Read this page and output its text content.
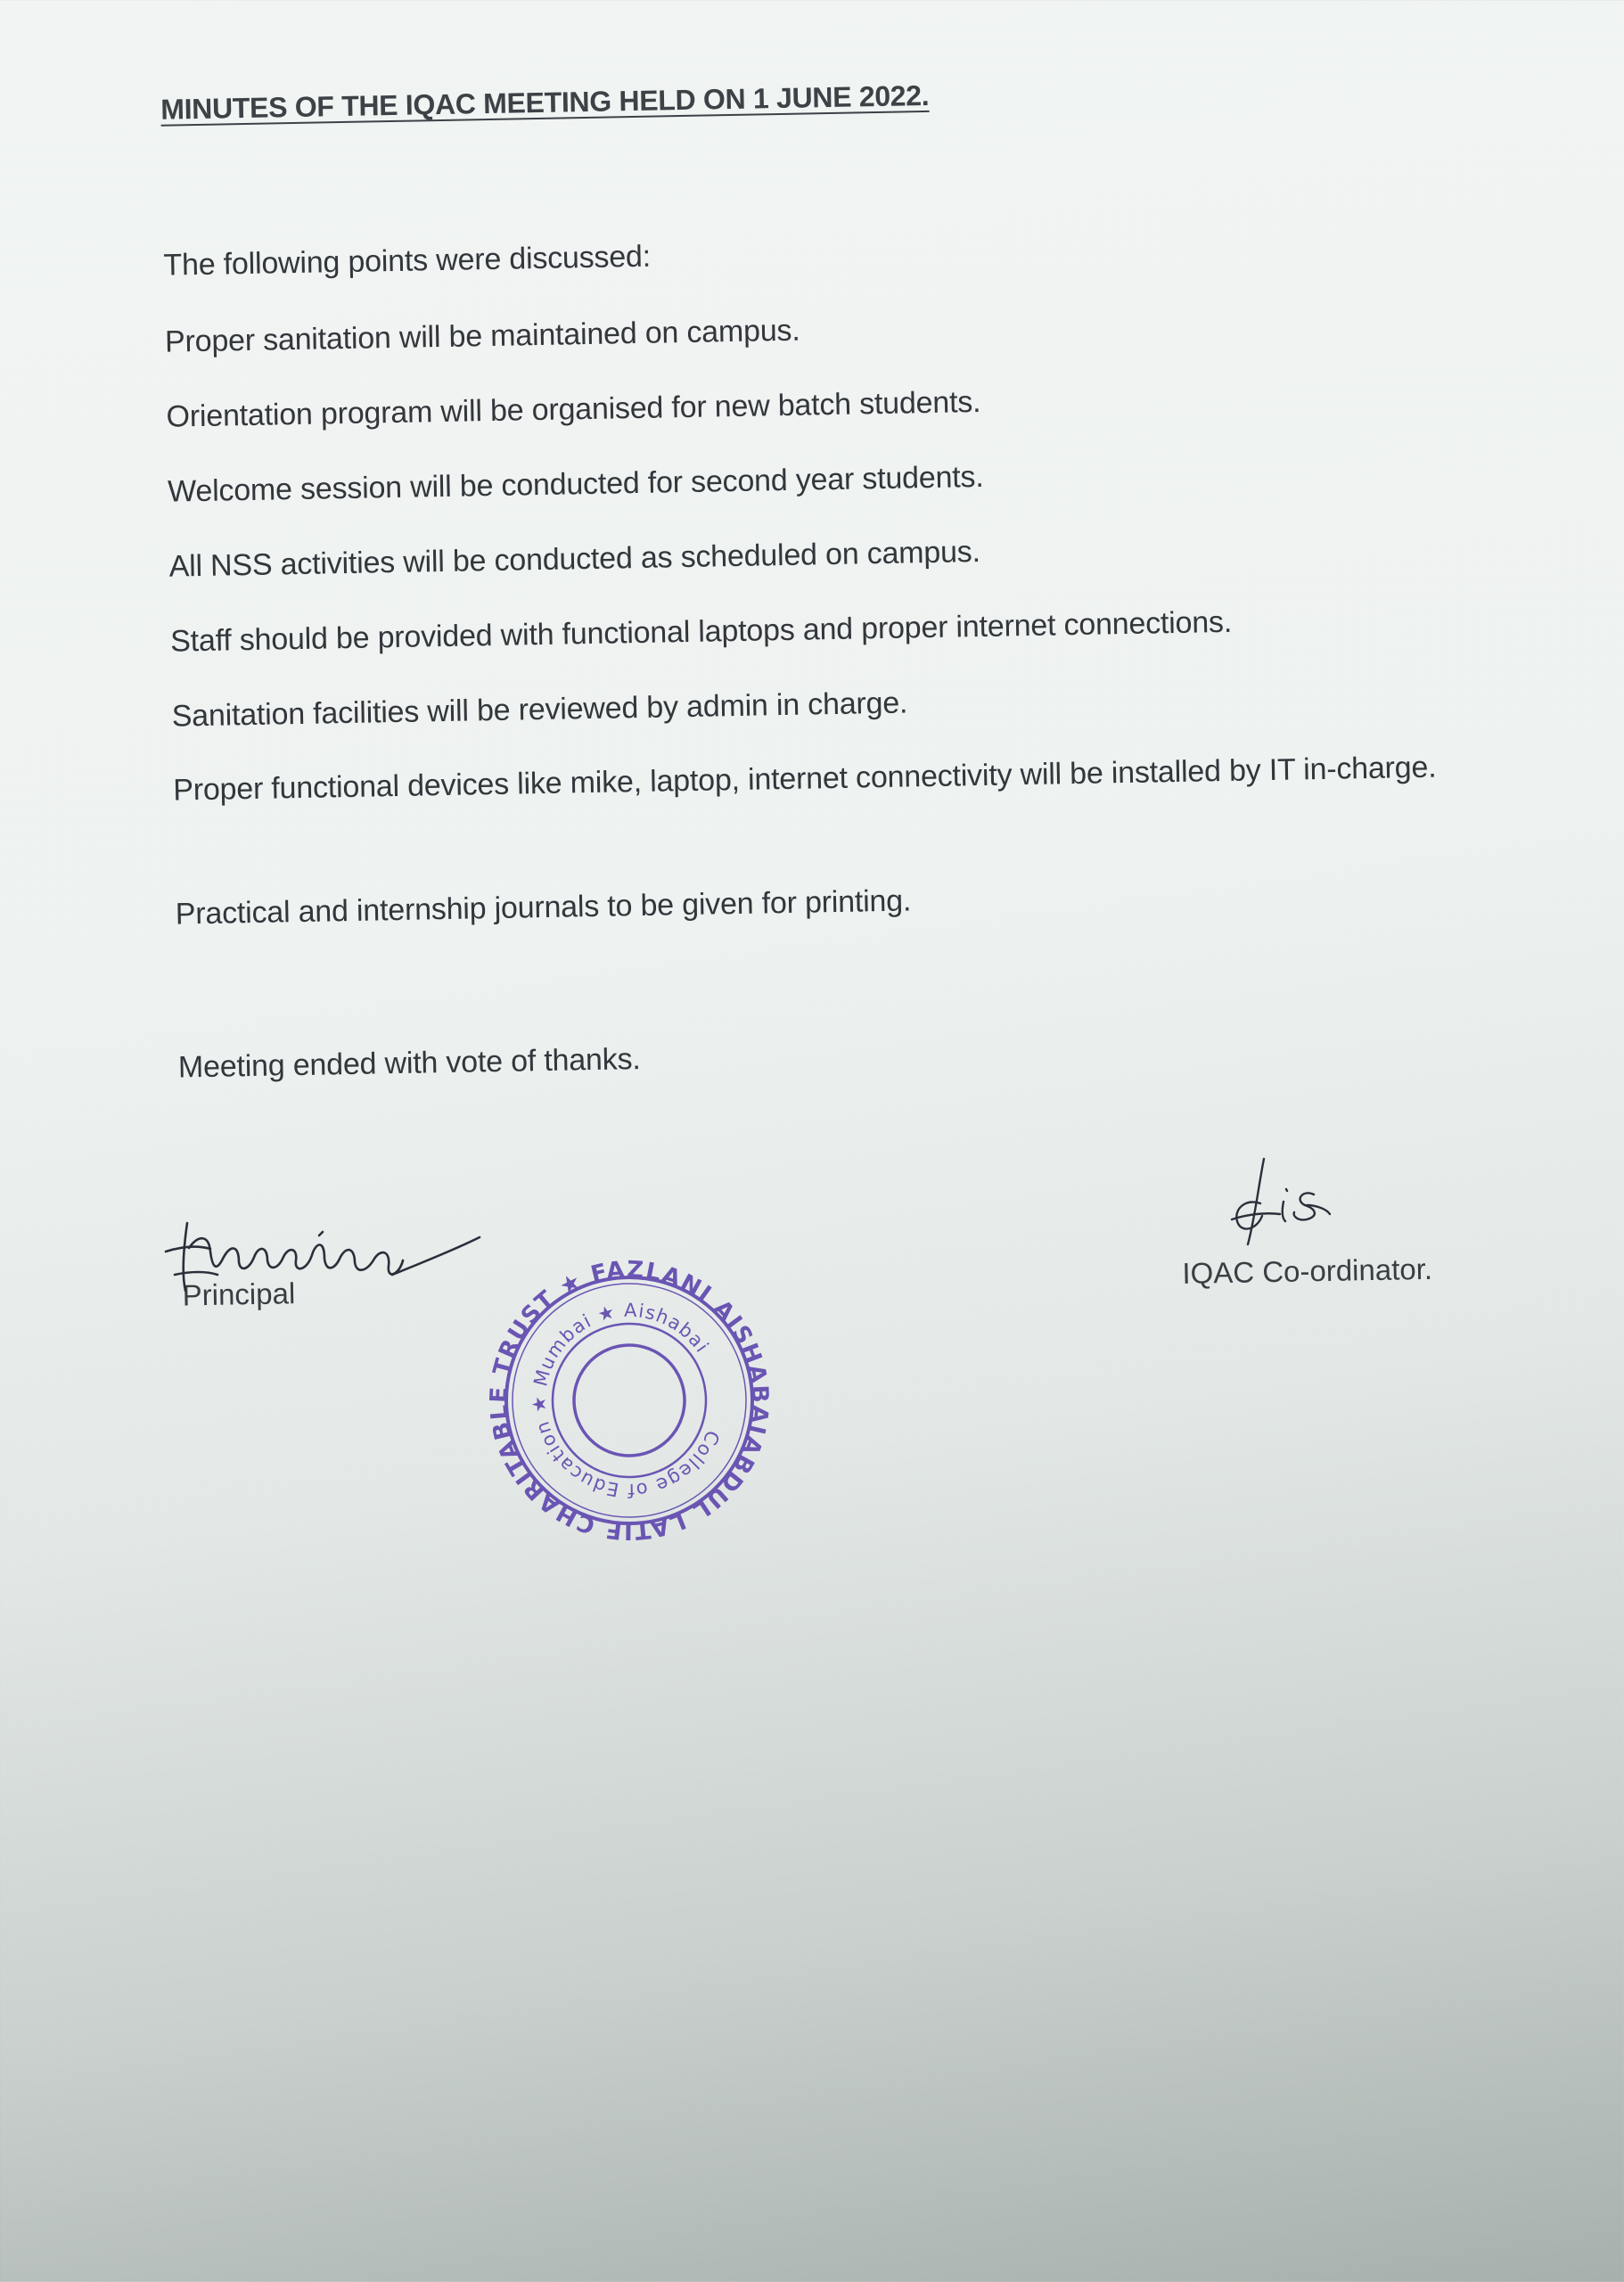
MINUTES OF THE IQAC MEETING HELD ON 1 JUNE 2022.
The following points were discussed:
Proper sanitation will be maintained on campus.
Orientation program will be organised for new batch students.
Welcome session will be conducted for second year students.
All NSS activities will be conducted as scheduled on campus.
Staff should be provided with functional laptops and proper internet connections.
Sanitation facilities will be reviewed by admin in charge.
Proper functional devices like mike, laptop, internet connectivity will be installed by IT in-charge.
Practical and internship journals to be given for printing.
Meeting ended with vote of thanks.
Principal
IQAC Co-ordinator.
ABDUL LATIF CHARITABLE TRUST ★ FAZLANI AISHABAI
College of Education ★ Mumbai ★ Aishabai
